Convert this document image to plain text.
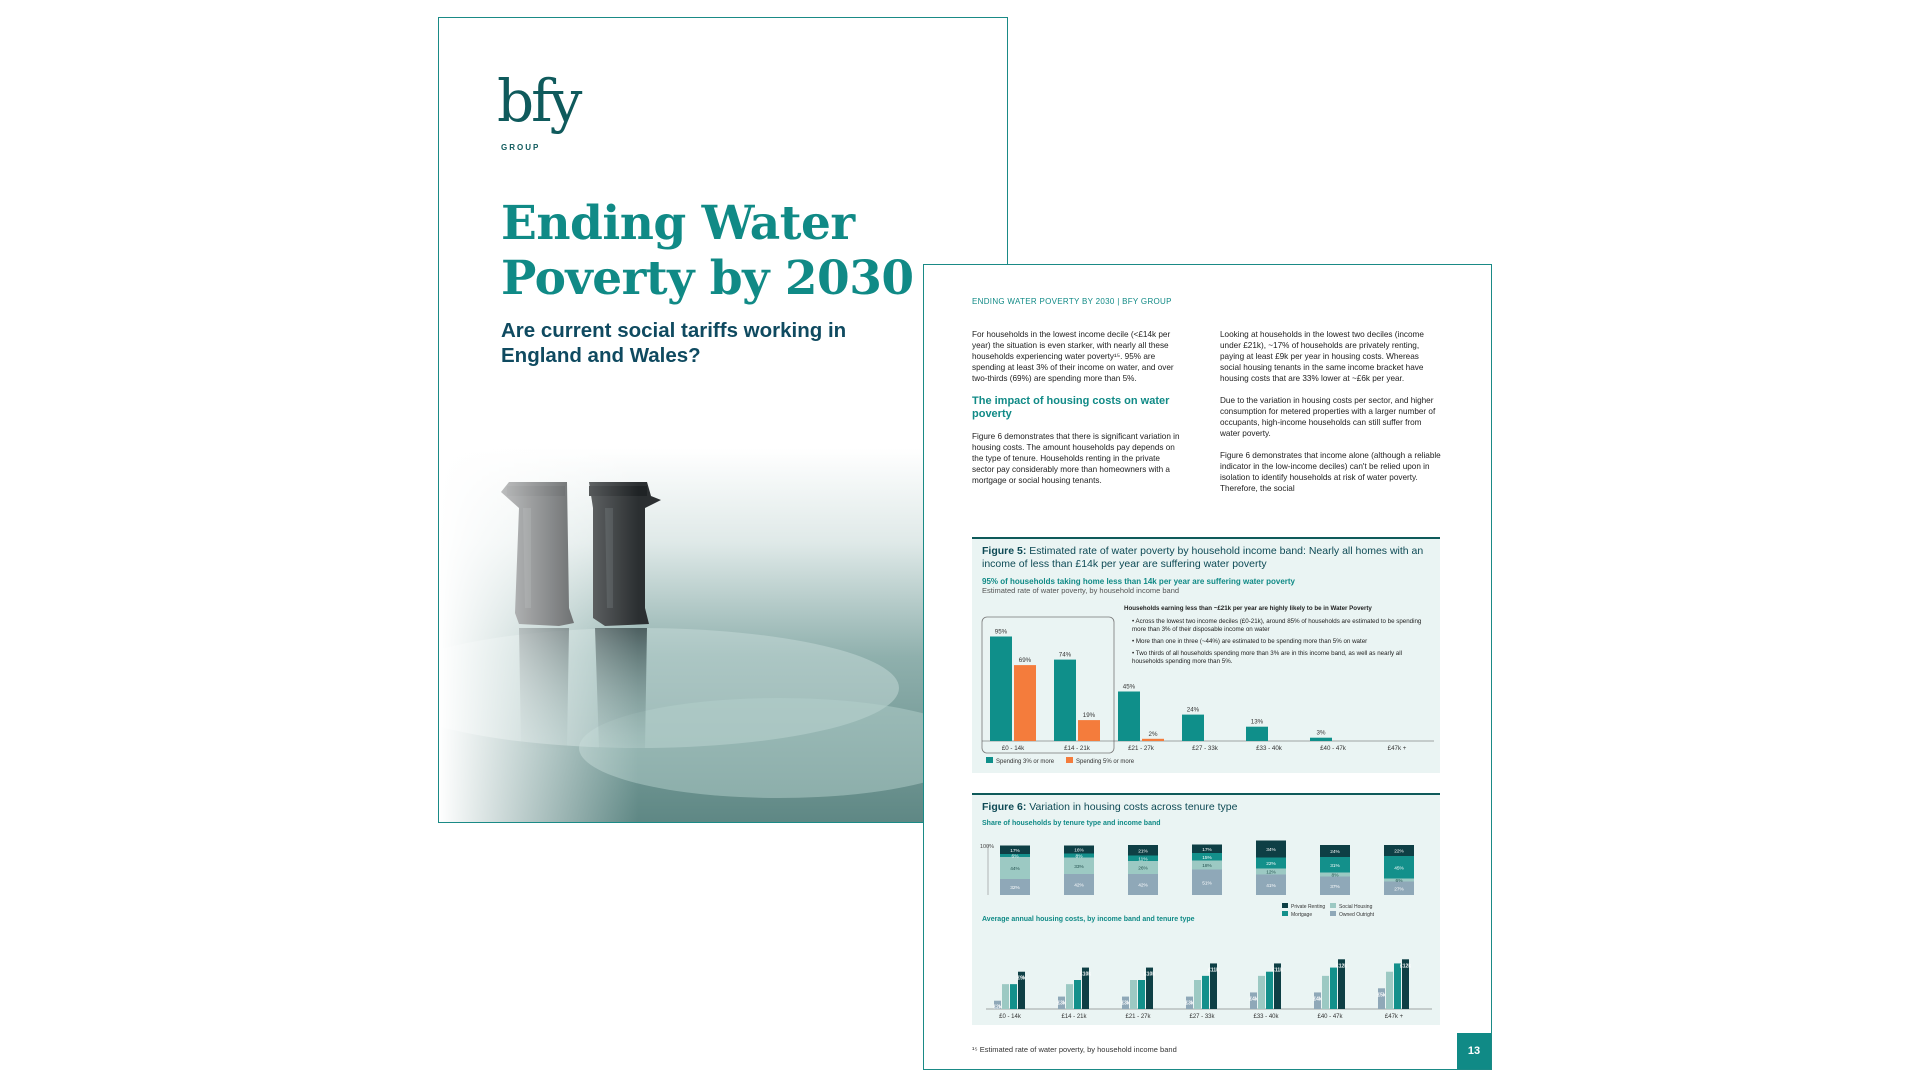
bfy
GROUP
Ending Water
Poverty by 2030
Are current social tariffs working in England and Wales?
ENDING WATER POVERTY BY 2030 | BFY GROUP

For households in the lowest income decile (<£14k per year) the situation is even starker, with nearly all these households experiencing water poverty¹⁵. 95% are spending at least 3% of their income on water, and over two-thirds (69%) are spending more than 5%.

The impact of housing costs on water poverty

Figure 6 demonstrates that there is significant variation in housing costs. The amount households pay depends on the type of tenure. Households renting in the private sector pay considerably more than homeowners with a mortgage or social housing tenants.

Looking at households in the lowest two deciles (income under £21k), ~17% of households are privately renting, paying at least £9k per year in housing costs. Whereas social housing tenants in the same income bracket have housing costs that are 33% lower at ~£6k per year.

Due to the variation in housing costs per sector, and higher consumption for metered properties with a larger number of occupants, high-income households can still suffer from water poverty.

Figure 6 demonstrates that income alone (although a reliable indicator in the low-income deciles) can't be relied upon in isolation to identify households at risk of water poverty. Therefore, the social

Figure 5: Estimated rate of water poverty by household income band: Nearly all homes with an income of less than £14k per year are suffering water poverty
95% of households taking home less than 14k per year are suffering water poverty
Estimated rate of water poverty, by household income band
95%
69%
£0 - 14k
74%
19%
£14 - 21k
45%
2%
£21 - 27k
24%
£27 - 33k
13%
£33 - 40k
3%
£40 - 47k	£47k +
Spending 3% or more	Spending 5% or more
Households earning less than ~£21k per year are highly likely to be in Water Poverty
• Across the lowest two income deciles (£0-21k), around 85% of households are estimated to be spending more than 3% of their disposable income on water
• More than one in three (~44%) are estimated to be spending more than 5% on water
• Two thirds of all households spending more than 3% are in this income band, as well as nearly all households spending more than 5%.
Figure 6: Variation in housing costs across tenure type
Share of households by tenure type and income band
100%
32%
44%
6%
17%
42%
33%
8%
16%
42%
26%
11%
21%
51%
18%
15%
17%
41%
12%
22%
34%
37%
8%
31%
24%
27%
6%
45%
22%
Average annual housing costs, by income band and tenure type
Private Renting
Mortgage
Social Housing
Owned Outright
£2k
£9k
£0 - 14k
£3k
£10k
£14 - 21k
£3k
£10k
£21 - 27k
£3k
£11k
£27 - 33k
£4k
£11k
£33 - 40k
£4k
£12k
£40 - 47k
£5k
£12k
£47k +
¹⁵ Estimated rate of water poverty, by household income band	13
